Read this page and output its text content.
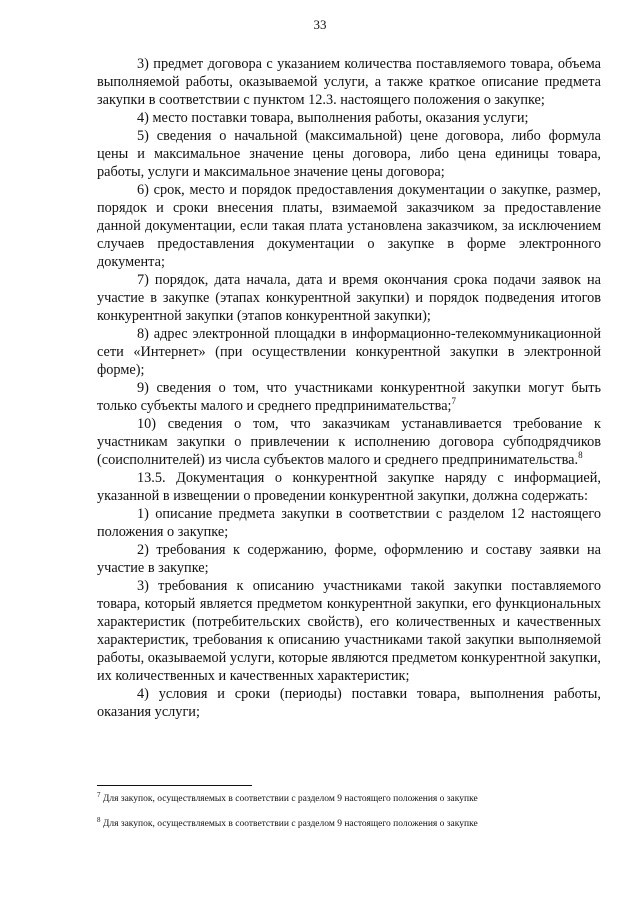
33

3) предмет договора с указанием количества поставляемого товара, объема выполняемой работы, оказываемой услуги, а также краткое описание предмета закупки в соответствии с пунктом 12.3. настоящего положения о закупке;

4) место поставки товара, выполнения работы, оказания услуги;

5) сведения о начальной (максимальной) цене договора, либо формула цены и максимальное значение цены договора, либо цена единицы товара, работы, услуги и максимальное значение цены договора;

6) срок, место и порядок предоставления документации о закупке, размер, порядок и сроки внесения платы, взимаемой заказчиком за предоставление данной документации, если такая плата установлена заказчиком, за исключением случаев предоставления документации о закупке в форме электронного документа;

7) порядок, дата начала, дата и время окончания срока подачи заявок на участие в закупке (этапах конкурентной закупки) и порядок подведения итогов конкурентной закупки (этапов конкурентной закупки);

8) адрес электронной площадки в информационно-телекоммуникационной сети «Интернет» (при осуществлении конкурентной закупки в электронной форме);

9) сведения о том, что участниками конкурентной закупки могут быть только субъекты малого и среднего предпринимательства;$^7$

10) сведения о том, что заказчикам устанавливается требование к участникам закупки о привлечении к исполнению договора субподрядчиков (соисполнителей) из числа субъектов малого и среднего предпринимательства.$^8$

13.5. Документация о конкурентной закупке наряду с информацией, указанной в извещении о проведении конкурентной закупки, должна содержать:

1) описание предмета закупки в соответствии с разделом 12 настоящего положения о закупке;

2) требования к содержанию, форме, оформлению и составу заявки на участие в закупке;

3) требования к описанию участниками такой закупки поставляемого товара, который является предметом конкурентной закупки, его функциональных характеристик (потребительских свойств), его количественных и качественных характеристик, требования к описанию участниками такой закупки выполняемой работы, оказываемой услуги, которые являются предметом конкурентной закупки, их количественных и качественных характеристик;

4) условия и сроки (периоды) поставки товара, выполнения работы, оказания услуги;

$^7$ Для закупок, осуществляемых в соответствии с разделом 9 настоящего положения о закупке
$^8$ Для закупок, осуществляемых в соответствии с разделом 9 настоящего положения о закупке
